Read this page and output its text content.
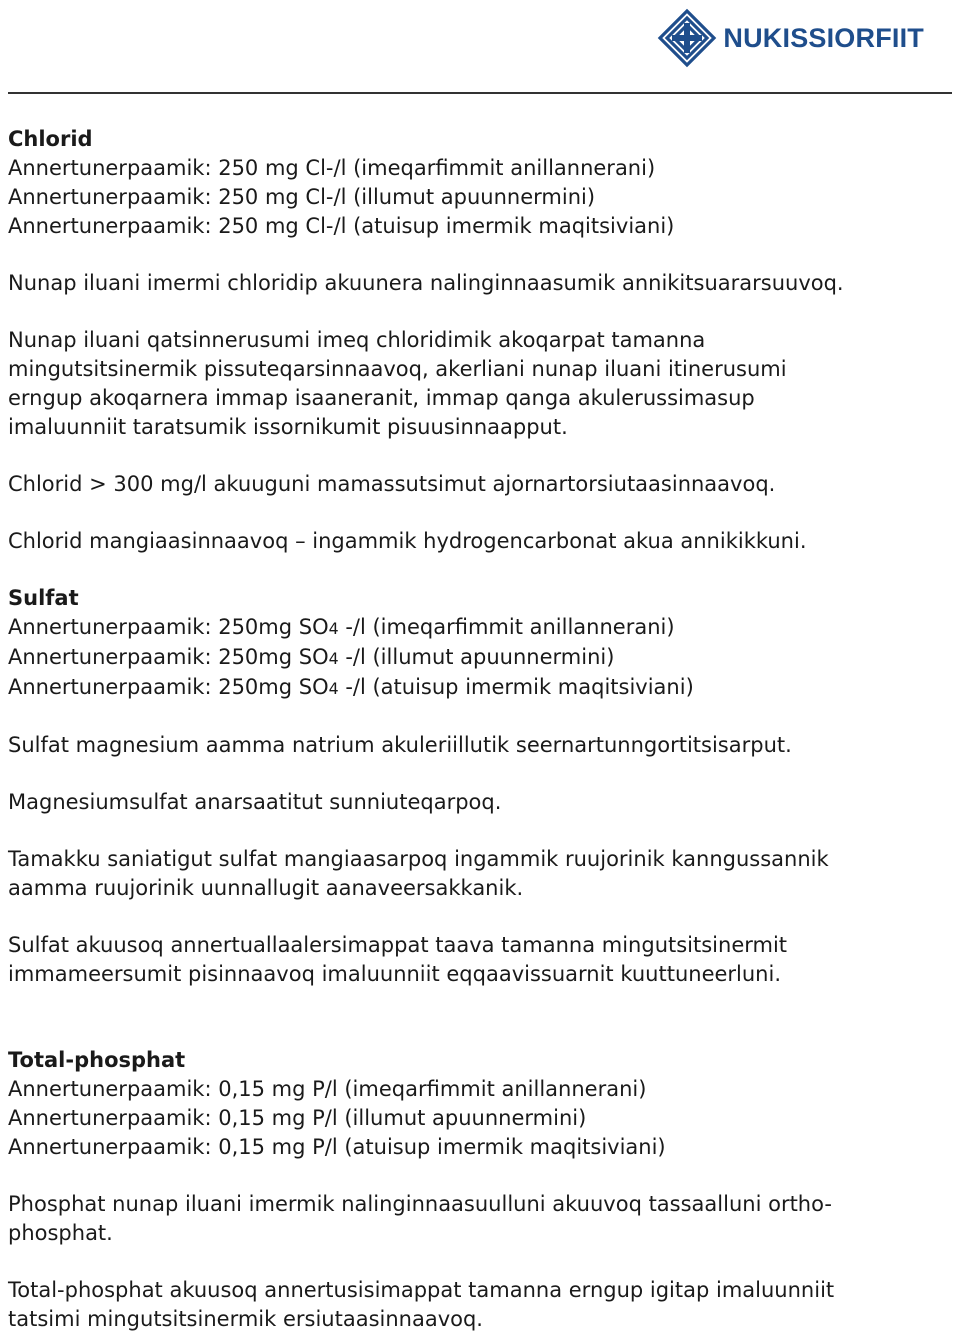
NUKISSIORFIIT
Chlorid
Annertunerpaamik: 250 mg Cl-/l (imeqarfimmit anillannerani)
Annertunerpaamik: 250 mg Cl-/l (illumut apuunnermini)
Annertunerpaamik: 250 mg Cl-/l (atuisup imermik maqitsiviani)
Nunap iluani imermi chloridip akuunera nalinginnaasumik annikitsuararsuuvoq.
Nunap iluani qatsinnerusumi imeq chloridimik akoqarpat tamanna
mingutsitsinermik pissuteqarsinnaavoq, akerliani nunap iluani itinerusumi
erngup akoqarnera immap isaaneranit, immap qanga akulerussimasup
imaluunniit taratsumik issornikumit pisuusinnaapput.
Chlorid > 300 mg/l akuuguni mamassutsimut ajornartorsiutaasinnaavoq.
Chlorid mangiaasinnaavoq – ingammik hydrogencarbonat akua annikikkuni.
Sulfat
Annertunerpaamik: 250mg SO4 -/l (imeqarfimmit anillannerani)
Annertunerpaamik: 250mg SO4 -/l (illumut apuunnermini)
Annertunerpaamik: 250mg SO4 -/l (atuisup imermik maqitsiviani)
Sulfat magnesium aamma natrium akuleriillutik seernartunngortitsisarput.
Magnesiumsulfat anarsaatitut sunniuteqarpoq.
Tamakku saniatigut sulfat mangiaasarpoq ingammik ruujorinik kanngussannik
aamma ruujorinik uunnallugit aanaveersakkanik.
Sulfat akuusoq annertuallaalersimappat taava tamanna mingutsitsinermit
immameersumit pisinnaavoq imaluunniit eqqaavissuarnit kuuttuneerluni.
Total-phosphat
Annertunerpaamik: 0,15 mg P/l (imeqarfimmit anillannerani)
Annertunerpaamik: 0,15 mg P/l (illumut apuunnermini)
Annertunerpaamik: 0,15 mg P/l (atuisup imermik maqitsiviani)
Phosphat nunap iluani imermik nalinginnaasuulluni akuuvoq tassaalluni ortho-
phosphat.
Total-phosphat akuusoq annertusisimappat tamanna erngup igitap imaluunniit
tatsimi mingutsitsinermik ersiutaasinnaavoq.
